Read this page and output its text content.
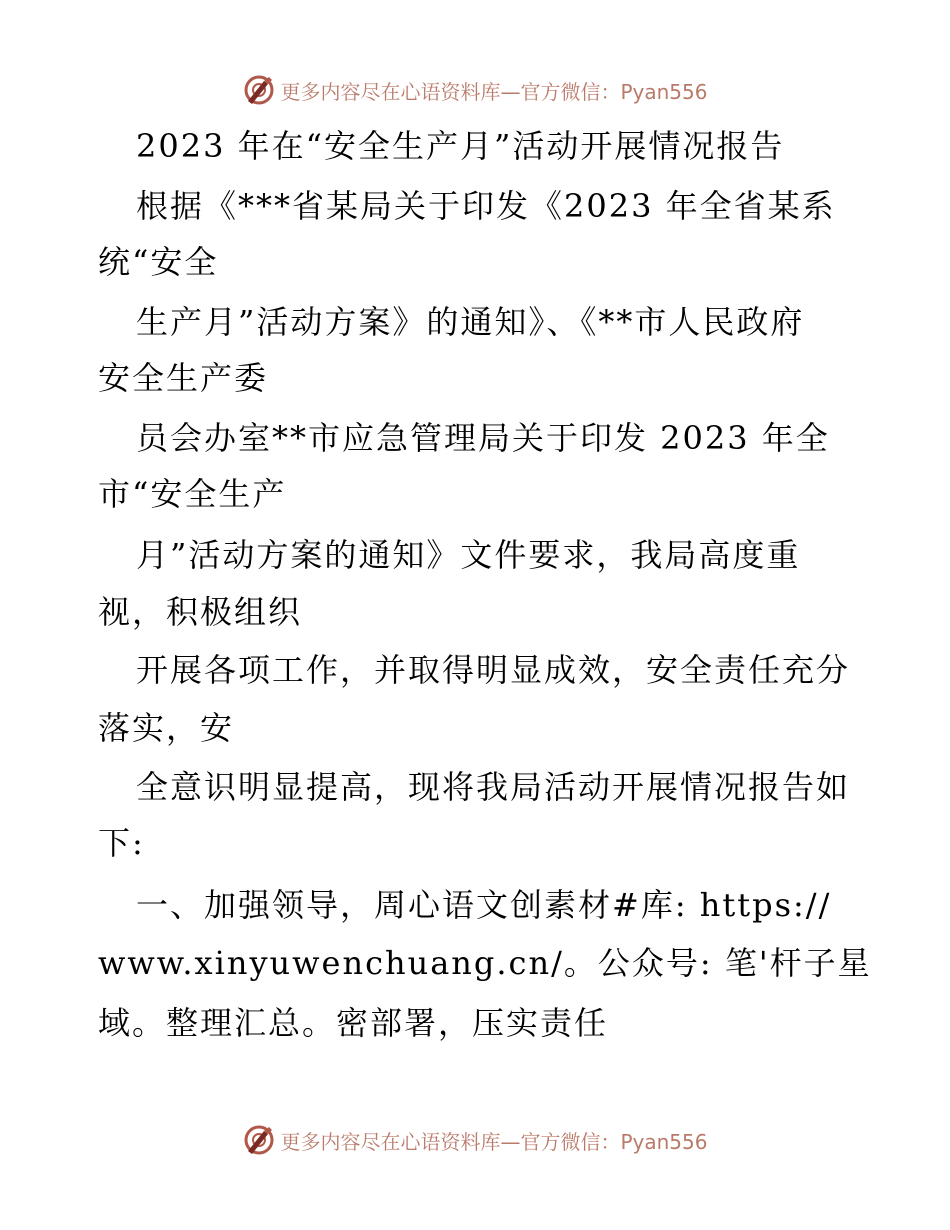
更多内容尽在心语资料库—官方微信：Pyan556
2023 年在“安全生产月”活动开展情况报告
根据《***省某局关于印发《2023 年全省某系
统“安全
生产月”活动方案》的通知》、《**市人民政府
安全生产委
员会办室**市应急管理局关于印发 2023 年全
市“安全生产
月”活动方案的通知》文件要求，我局高度重
视，积极组织
开展各项工作，并取得明显成效，安全责任充分
落实，安
全意识明显提高，现将我局活动开展情况报告如
下:
一、加强领导，周心语文创素材#库: https://
www.xinyuwenchuang.cn/。公众号: 笔'杆子星
域。整理汇总。密部署，压实责任
更多内容尽在心语资料库—官方微信：Pyan556
